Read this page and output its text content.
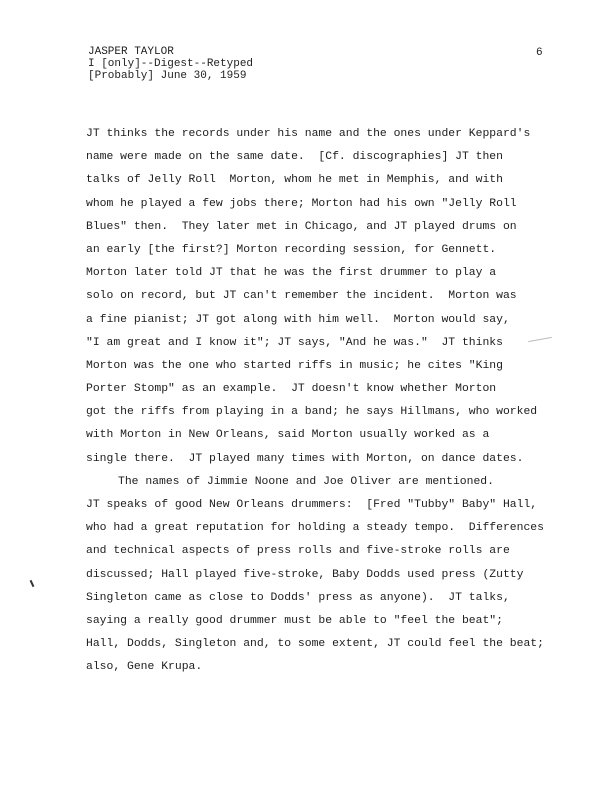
JASPER TAYLOR
I [only]--Digest--Retyped
[Probably] June 30, 1959
6
JT thinks the records under his name and the ones under Keppard's
name were made on the same date.  [Cf. discographies] JT then
talks of Jelly Roll  Morton, whom he met in Memphis, and with
whom he played a few jobs there; Morton had his own "Jelly Roll
Blues" then.  They later met in Chicago, and JT played drums on
an early [the first?] Morton recording session, for Gennett.
Morton later told JT that he was the first drummer to play a
solo on record, but JT can't remember the incident.  Morton was
a fine pianist; JT got along with him well.  Morton would say,
"I am great and I know it"; JT says, "And he was."  JT thinks
Morton was the one who started riffs in music; he cites "King
Porter Stomp" as an example.  JT doesn't know whether Morton
got the riffs from playing in a band; he says Hillmans, who worked
with Morton in New Orleans, said Morton usually worked as a
single there.  JT played many times with Morton, on dance dates.
The names of Jimmie Noone and Joe Oliver are mentioned.
JT speaks of good New Orleans drummers:  [Fred "Tubby" Baby" Hall,
who had a great reputation for holding a steady tempo.  Differences
and technical aspects of press rolls and five-stroke rolls are
discussed; Hall played five-stroke, Baby Dodds used press (Zutty
Singleton came as close to Dodds' press as anyone).  JT talks,
saying a really good drummer must be able to "feel the beat";
Hall, Dodds, Singleton and, to some extent, JT could feel the beat;
also, Gene Krupa.
